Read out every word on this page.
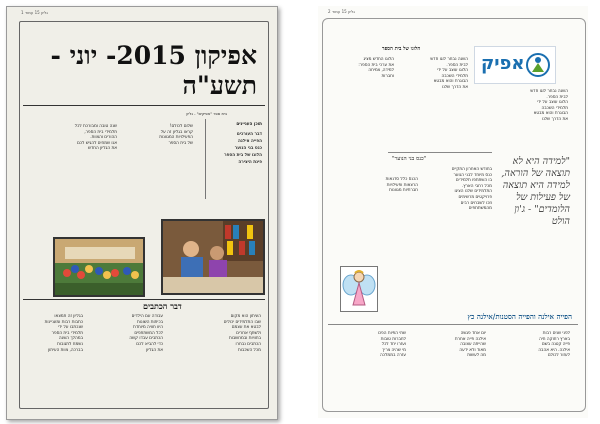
גליון 15 עמוד 1
אפיקון 2015- יוני -תשע"ה
בית ספר "אפיקים" - גליון
שלום לכולם!
קראו בגליון זה על
הפעילויות המגוונות
של בית הספר
שנה טובה ומבורכת לכל
תלמידי בית הספר,
ההורים והצוות.
אנו שמחים להגיש לכם
את הגליון החדש
תוכן העניינים
דבר העורכים
הפייה אילנה
כנס בני הנוער
הלוגו של בית הספר
פינת היצירה
דבר הכתבים
בגליון זה תמצאו
כתבות רבות ומעניינות
שנכתבו על ידי
תלמידי בית הספר
במהלך השנה
נשמח לתגובות
בברכה, צוות העיתון
עבודה עם הילדים
בכיתות השונות
היוו חוויה מיוחדת
לכל המשתתפים
הכתבים עבדו קשה
כדי להביא לכם
את הגליון
העיתון הוא מקום
שבו התלמידים יכולים
לבטא את עצמם
ולשתף אחרים
בחוויות ובמחשבות
הכתבים נבחרו
מכל השכבות
גליון 15 עמוד 2
אפיק
השנה נבחר לוגו חדש
לבית הספר.
הלוגו עוצב על ידי
תלמידי השכבה
הבוגרת והוא מבטא
את הדרך שלנו
הלוגו של בית הספר
הלוגו החדש מציג
את ערכי בית הספר:
למידה, צמיחה
וחברות
השנה נבחר לוגו חדש
לבית הספר.
הלוגו עוצב על ידי
תלמידי השכבה
הבוגרת והוא מבטא
את הדרך שלנו
"למידה היא לא תוצאה של הוראה, למידה היא תוצאה של פעילות של הלומדים" - ג'ון הולט
"כנס בני הנוער"
בחודש האחרון התקיים
כנס מיוחד לבני הנוער
בו השתתפו תלמידים
מכל רחבי הארץ.
התלמידים שלנו הציגו
פרויקטים מרשימים
וזכו לשבחים רבים
מהמשתתפים
הכנס כלל סדנאות
הרצאות ופעילויות
חברתיות מגוונות
הפייה אילנה והפייה הסטנות/אילנה כץ
שתי הפיות הפכו
לחברות טובות
ועזרו יחד לכל
מי שהיה צריך
עזרה בממלכה
יום אחד פגשה
אילנה פייה אחרת
שהייתה עצובה
מאוד ולא ידעה
מה לעשות
לפני שנים רבות
בארץ רחוקה חיה
פייה קטנה בשם
אילנה. היא אהבה
לעזור לכולם
